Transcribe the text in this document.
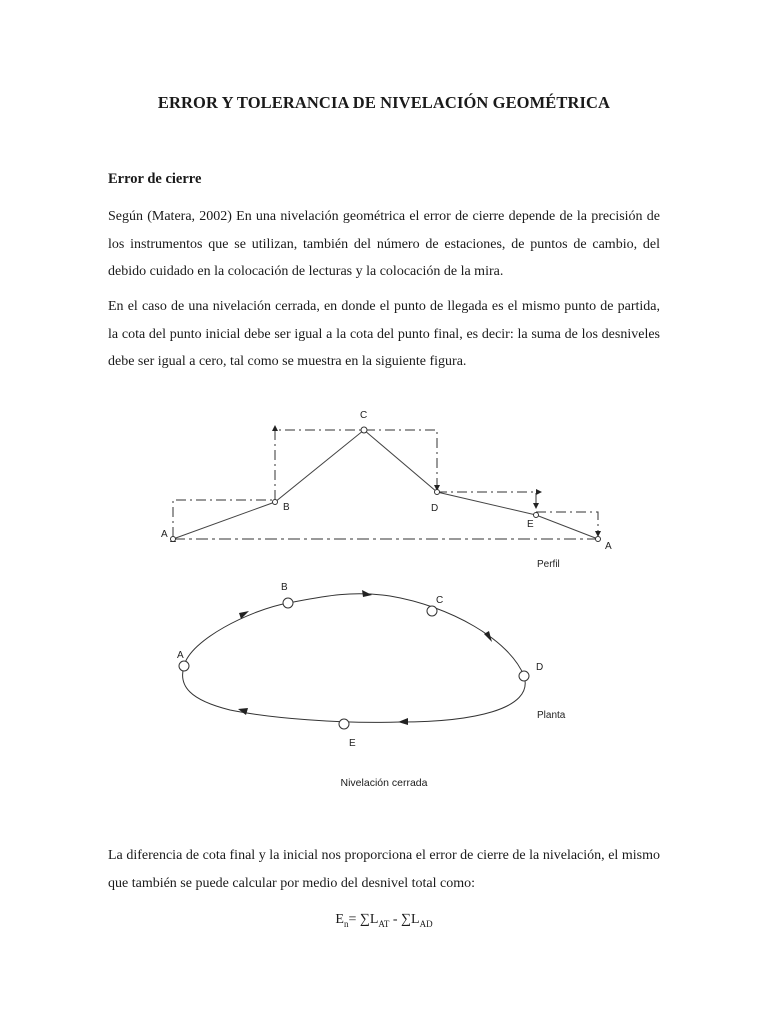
ERROR Y TOLERANCIA DE NIVELACIÓN GEOMÉTRICA
Error de cierre
Según (Matera, 2002) En una nivelación geométrica el error de cierre depende de la precisión de los instrumentos que se utilizan, también del número de estaciones, de puntos de cambio, del debido cuidado en la colocación de lecturas y la colocación de la mira.
En el caso de una nivelación cerrada, en donde el punto de llegada es el mismo punto de partida, la cota del punto inicial debe ser igual a la cota del punto final, es decir: la suma de los desniveles debe ser igual a cero, tal como se muestra en la siguiente figura.
A
B
C
D
E
A
Perfil
A
B
C
D
E
Planta
Nivelación cerrada
La diferencia de cota final y la inicial nos proporciona el error de cierre de la nivelación, el mismo que también se puede calcular por medio del desnivel total como:
$E_n= \sum L_{AT} - \sum L_{AD}$
